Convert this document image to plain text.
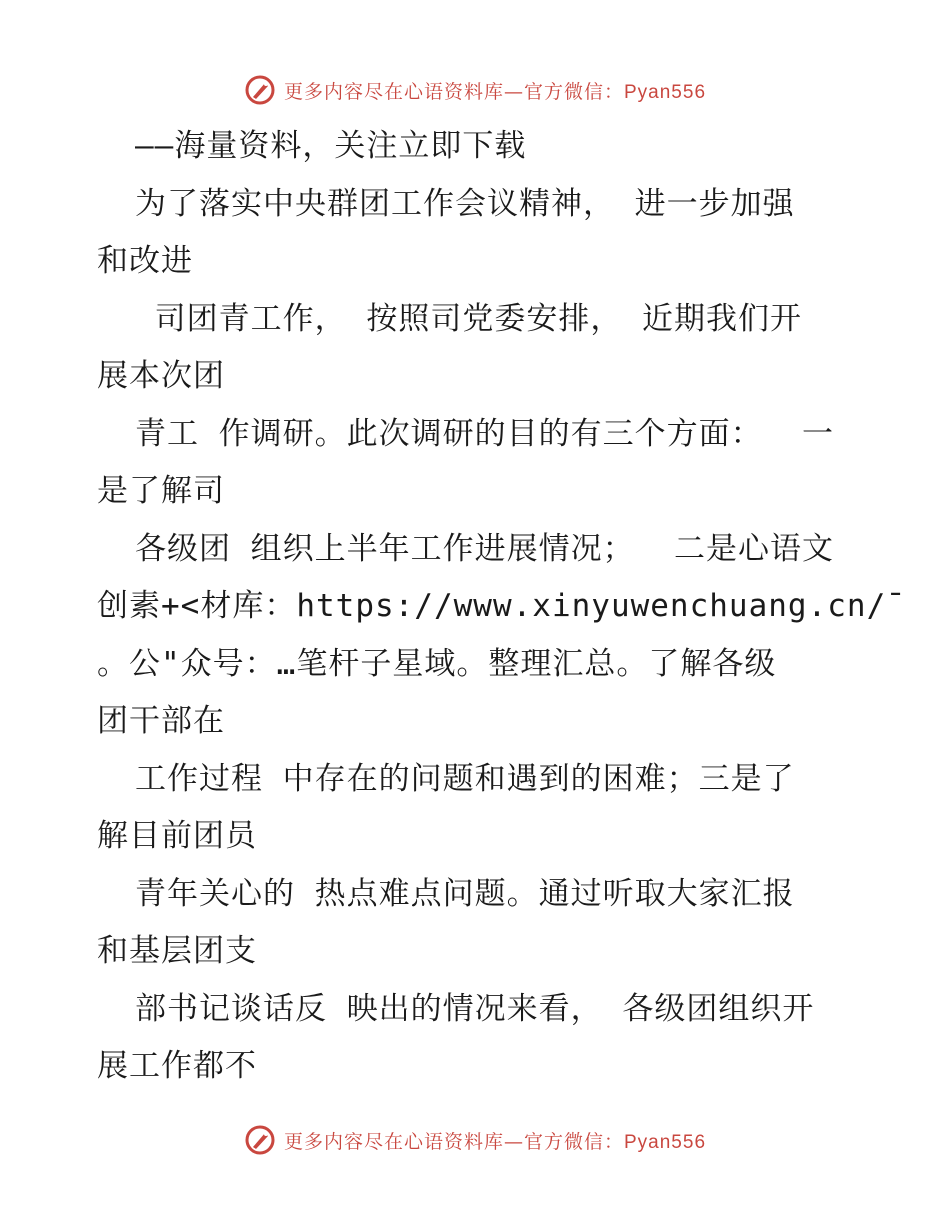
更多内容尽在心语资料库—官方微信：Pyan556
——海量资料，关注立即下载
为了落实中央群团工作会议精神， 进一步加强
和改进
司团青工作， 按照司党委安排， 近期我们开
展本次团
青工 作调研。此次调研的目的有三个方面：  一
是了解司
各级团 组织上半年工作进展情况；  二是心语文
创素+<材库：https://www.xinyuwenchuang.cn/¯
。公"众号：…笔杆子星域。整理汇总。了解各级
团干部在
工作过程 中存在的问题和遇到的困难；三是了
解目前团员
青年关心的 热点难点问题。通过听取大家汇报
和基层团支
部书记谈话反 映出的情况来看， 各级团组织开
展工作都不
更多内容尽在心语资料库—官方微信：Pyan556
